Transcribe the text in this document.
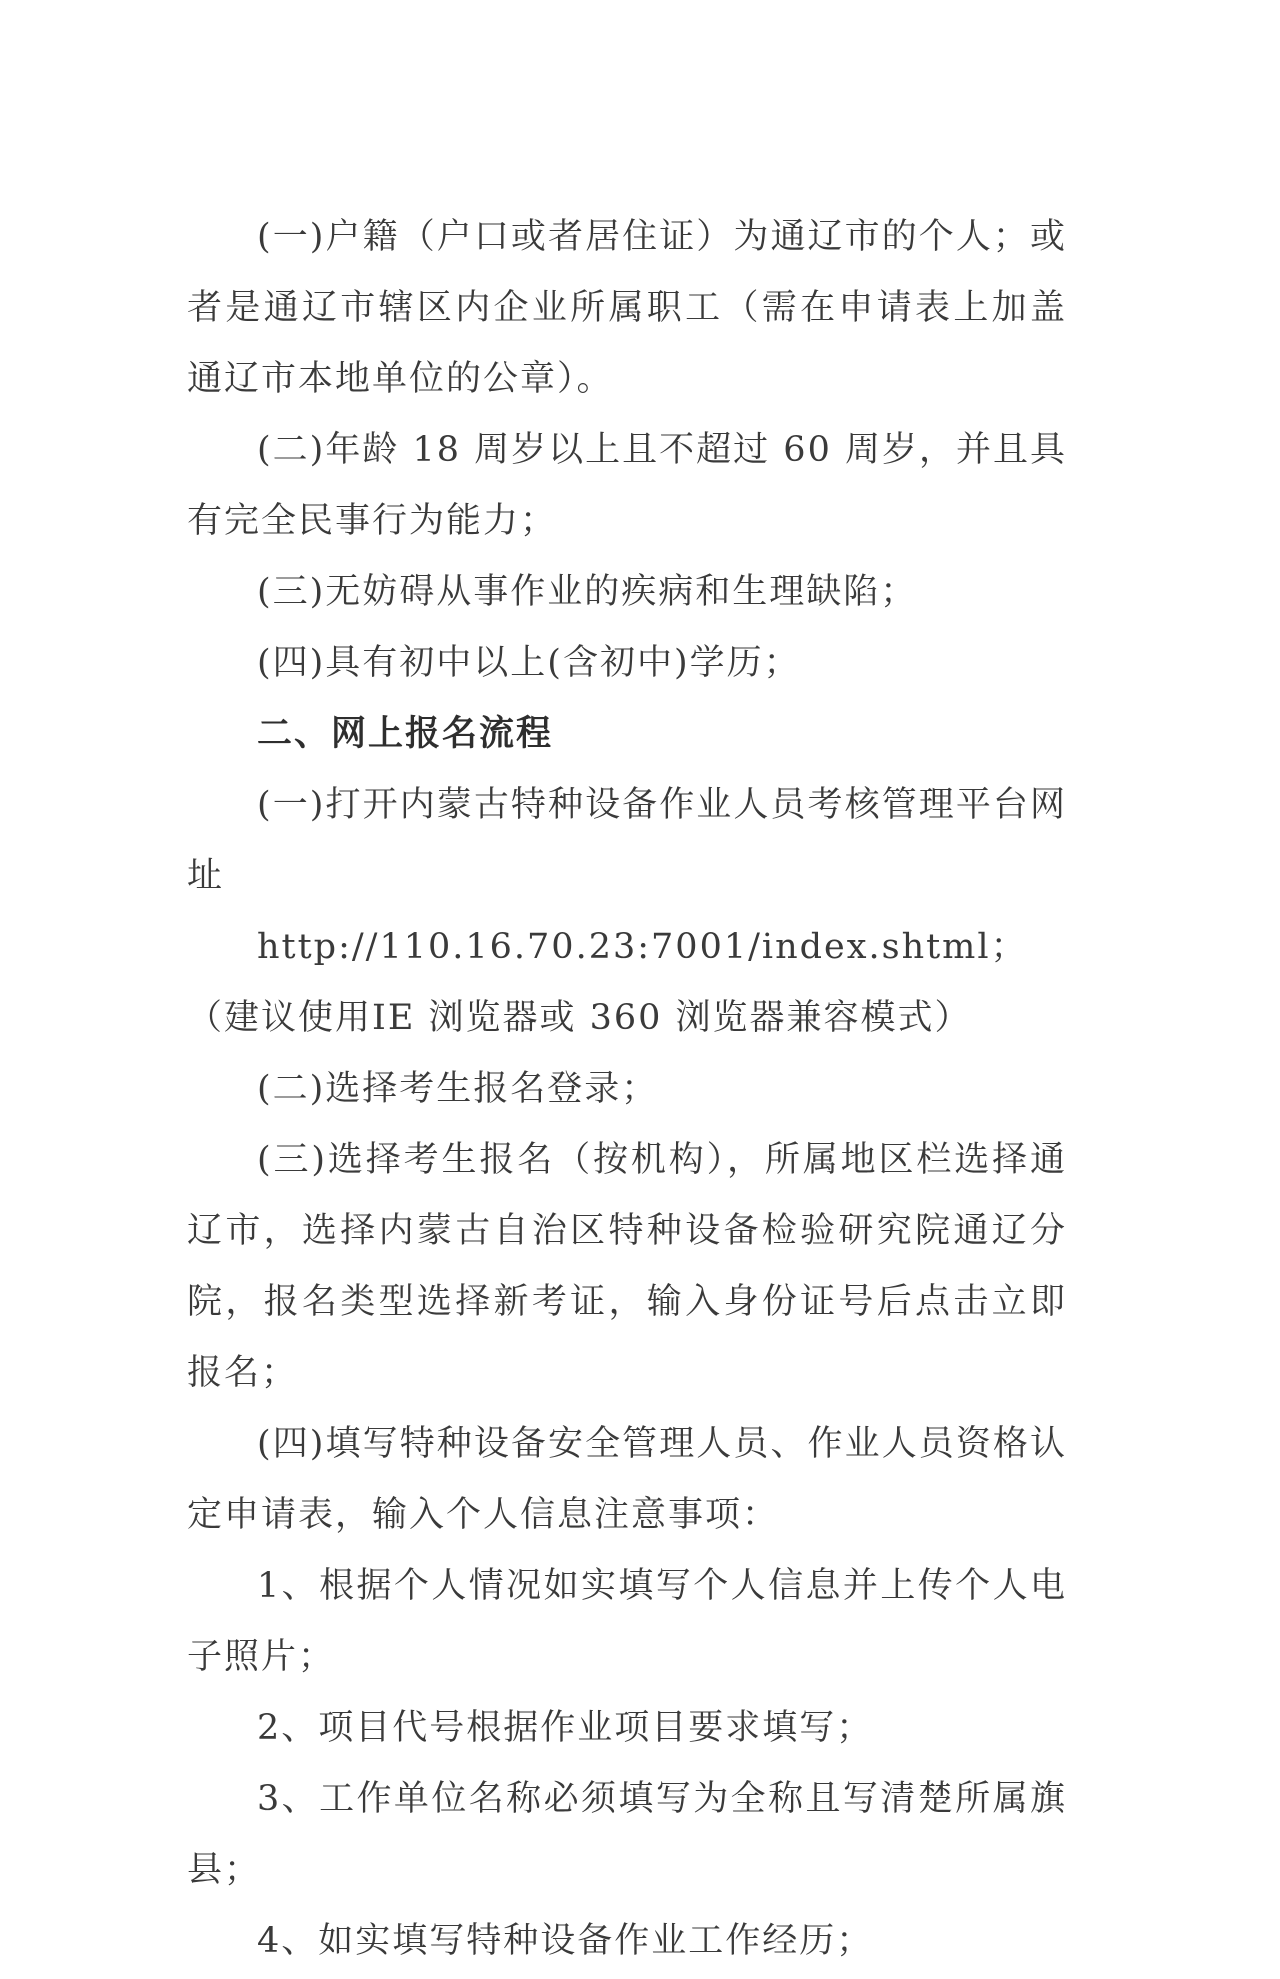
(一)户籍（户口或者居住证）为通辽市的个人；或者是通辽市辖区内企业所属职工（需在申请表上加盖通辽市本地单位的公章）。

(二)年龄 18 周岁以上且不超过 60 周岁，并且具有完全民事行为能力；

(三)无妨碍从事作业的疾病和生理缺陷；

(四)具有初中以上(含初中)学历；

二、网上报名流程

(一)打开内蒙古特种设备作业人员考核管理平台网址

http://110.16.70.23:7001/index.shtml；（建议使用IE 浏览器或 360 浏览器兼容模式）

(二)选择考生报名登录；

(三)选择考生报名（按机构），所属地区栏选择通辽市，选择内蒙古自治区特种设备检验研究院通辽分院，报名类型选择新考证，输入身份证号后点击立即报名；

(四)填写特种设备安全管理人员、作业人员资格认定申请表，输入个人信息注意事项：

1、根据个人情况如实填写个人信息并上传个人电子照片；

2、项目代号根据作业项目要求填写；

3、工作单位名称必须填写为全称且写清楚所属旗县；

4、如实填写特种设备作业工作经历；
